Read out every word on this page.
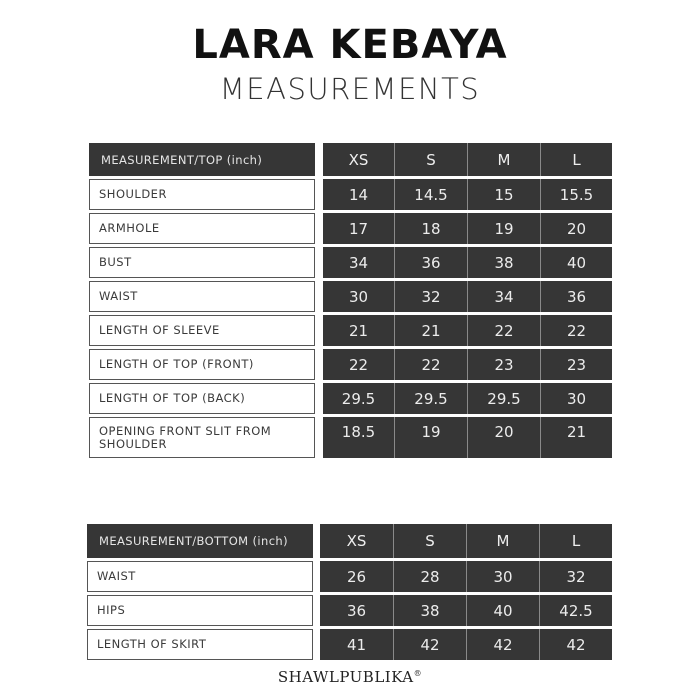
LARA KEBAYA
MEASUREMENTS
MEASUREMENT/TOP (inch)		XS	S	M	L
SHOULDER		14	14.5	15	15.5
ARMHOLE		17	18	19	20
BUST		34	36	38	40
WAIST		30	32	34	36
LENGTH OF SLEEVE		21	21	22	22
LENGTH OF TOP (FRONT)		22	22	23	23
LENGTH OF TOP (BACK)		29.5	29.5	29.5	30
OPENING FRONT SLIT FROM SHOULDER		18.5	19	20	21
MEASUREMENT/BOTTOM (inch)		XS	S	M	L
WAIST		26	28	30	32
HIPS		36	38	40	42.5
LENGTH OF SKIRT		41	42	42	42
SHAWLPUBLIKA®
